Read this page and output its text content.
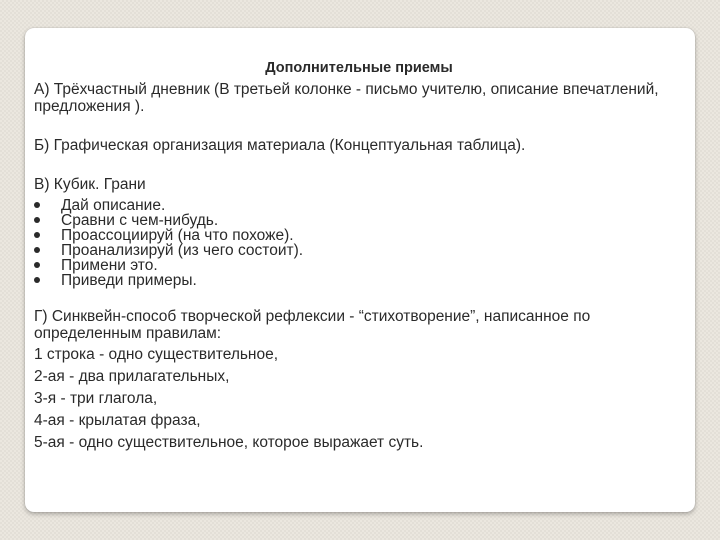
Дополнительные приемы

А) Трёхчастный дневник (В третьей колонке - письмо учителю, описание впечатлений, предложения ).

Б) Графическая организация материала (Концептуальная таблица).

В) Кубик. Грани

Дай описание.
Сравни с чем-нибудь.
Проассоциируй (на что похоже).
Проанализируй (из чего состоит).
Примени это.
Приведи примеры.

Г) Синквейн-способ творческой рефлексии - “стихотворение”, написанное по определенным правилам:

1 строка - одно существительное,

2-ая - два прилагательных,

3-я - три глагола,

4-ая - крылатая фраза,

5-ая - одно существительное, которое выражает суть.
